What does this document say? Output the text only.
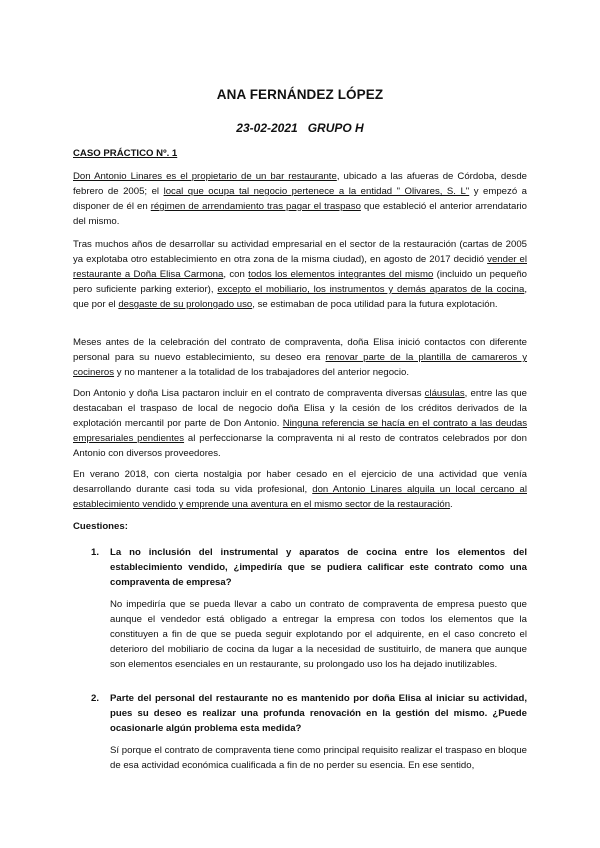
ANA FERNÁNDEZ LÓPEZ
23-02-2021 GRUPO H
CASO PRÁCTICO Nº. 1
Don Antonio Linares es el propietario de un bar restaurante, ubicado a las afueras de Córdoba, desde febrero de 2005; el local que ocupa tal negocio pertenece a la entidad " Olivares, S. L" y empezó a disponer de él en régimen de arrendamiento tras pagar el traspaso que estableció el anterior arrendatario del mismo.
Tras muchos años de desarrollar su actividad empresarial en el sector de la restauración (cartas de 2005 ya explotaba otro establecimiento en otra zona de la misma ciudad), en agosto de 2017 decidió vender el restaurante a Doña Elisa Carmona, con todos los elementos integrantes del mismo (incluido un pequeño pero suficiente parking exterior), excepto el mobiliario, los instrumentos y demás aparatos de la cocina, que por el desgaste de su prolongado uso, se estimaban de poca utilidad para la futura explotación.
Meses antes de la celebración del contrato de compraventa, doña Elisa inició contactos con diferente personal para su nuevo establecimiento, su deseo era renovar parte de la plantilla de camareros y cocineros y no mantener a la totalidad de los trabajadores del anterior negocio.
Don Antonio y doña Lisa pactaron incluir en el contrato de compraventa diversas cláusulas, entre las que destacaban el traspaso de local de negocio doña Elisa y la cesión de los créditos derivados de la explotación mercantil por parte de Don Antonio. Ninguna referencia se hacía en el contrato a las deudas empresariales pendientes al perfeccionarse la compraventa ni al resto de contratos celebrados por don Antonio con diversos proveedores.
En verano 2018, con cierta nostalgia por haber cesado en el ejercicio de una actividad que venía desarrollando durante casi toda su vida profesional, don Antonio Linares alquila un local cercano al establecimiento vendido y emprende una aventura en el mismo sector de la restauración.
Cuestiones:
1. La no inclusión del instrumental y aparatos de cocina entre los elementos del establecimiento vendido, ¿impediría que se pudiera calificar este contrato como una compraventa de empresa?
No impediría que se pueda llevar a cabo un contrato de compraventa de empresa puesto que aunque el vendedor está obligado a entregar la empresa con todos los elementos que la constituyen a fin de que se pueda seguir explotando por el adquirente, en el caso concreto el deterioro del mobiliario de cocina da lugar a la necesidad de sustituirlo, de manera que aunque son elementos esenciales en un restaurante, su prolongado uso los ha dejado inutilizables.
2. Parte del personal del restaurante no es mantenido por doña Elisa al iniciar su actividad, pues su deseo es realizar una profunda renovación en la gestión del mismo. ¿Puede ocasionarle algún problema esta medida?
Sí porque el contrato de compraventa tiene como principal requisito realizar el traspaso en bloque de esa actividad económica cualificada a fin de no perder su esencia. En ese sentido,
